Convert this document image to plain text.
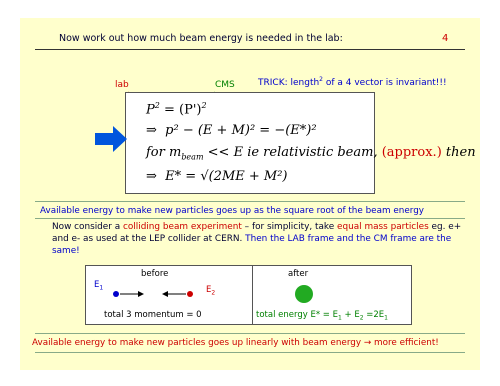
Now work out how much beam energy is needed in the lab:	4
lab	CMS	TRICK: length$^2$ of a 4 vector is invariant!!!
$P^2 = (P')^2$
⇒ p² − (E + M)² = −(E*)²
for $m_{beam} << E$ ie relativistic beam, (approx.) then
⇒ E* = √(2ME + M²)
Available energy to make new particles goes up as the square root of the beam energy
Now consider a colliding beam experiment – for simplicity, take equal mass particles eg. e+ and e- as used at the LEP collider at CERN. Then the LAB frame and the CM frame are the same!
before
$E_1$	$E_2$
total 3 momentum = 0
after
total energy $E* = E_1 + E_2 =2E_1$
Available energy to make new particles goes up linearly with beam energy → more efficient!
